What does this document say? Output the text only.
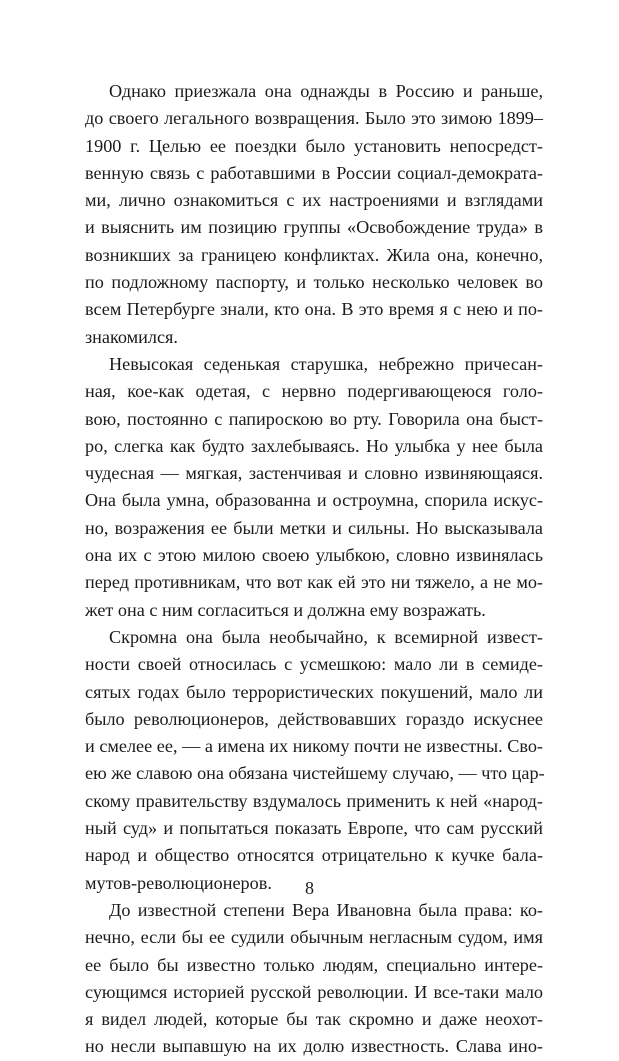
Однако приезжала она однажды в Россию и раньше,
до своего легального возвращения. Было это зимою 1899–
1900 г. Целью ее поездки было установить непосредст-
венную связь с работавшими в России социал-демократа-
ми, лично ознакомиться с их настроениями и взглядами
и выяснить им позицию группы «Освобождение труда» в
возникших за границею конфликтах. Жила она, конечно,
по подложному паспорту, и только несколько человек во
всем Петербурге знали, кто она. В это время я с нею и по-
знакомился.
Невысокая седенькая старушка, небрежно причесан-
ная, кое-как одетая, с нервно подергивающеюся голо-
вою, постоянно с папироскою во рту. Говорила она быст-
ро, слегка как будто захлебываясь. Но улыбка у нее была
чудесная — мягкая, застенчивая и словно извиняющаяся.
Она была умна, образованна и остроумна, спорила искус-
но, возражения ее были метки и сильны. Но высказывала
она их с этою милою своею улыбкою, словно извинялась
перед противникам, что вот как ей это ни тяжело, а не мо-
жет она с ним согласиться и должна ему возражать.
Скромна она была необычайно, к всемирной извест-
ности своей относилась с усмешкою: мало ли в семиде-
сятых годах было террористических покушений, мало ли
было революционеров, действовавших гораздо искуснее
и смелее ее, — а имена их никому почти не известны. Сво-
ею же славою она обязана чистейшему случаю, — что цар-
скому правительству вздумалось применить к ней «народ-
ный суд» и попытаться показать Европе, что сам русский
народ и общество относятся отрицательно к кучке бала-
мутов-революционеров.
До известной степени Вера Ивановна была права: ко-
нечно, если бы ее судили обычным негласным судом, имя
ее было бы известно только людям, специально интере-
сующимся историей русской революции. И все-таки мало
я видел людей, которые бы так скромно и даже неохот-
но несли выпавшую на их долю известность. Слава ино-
8
